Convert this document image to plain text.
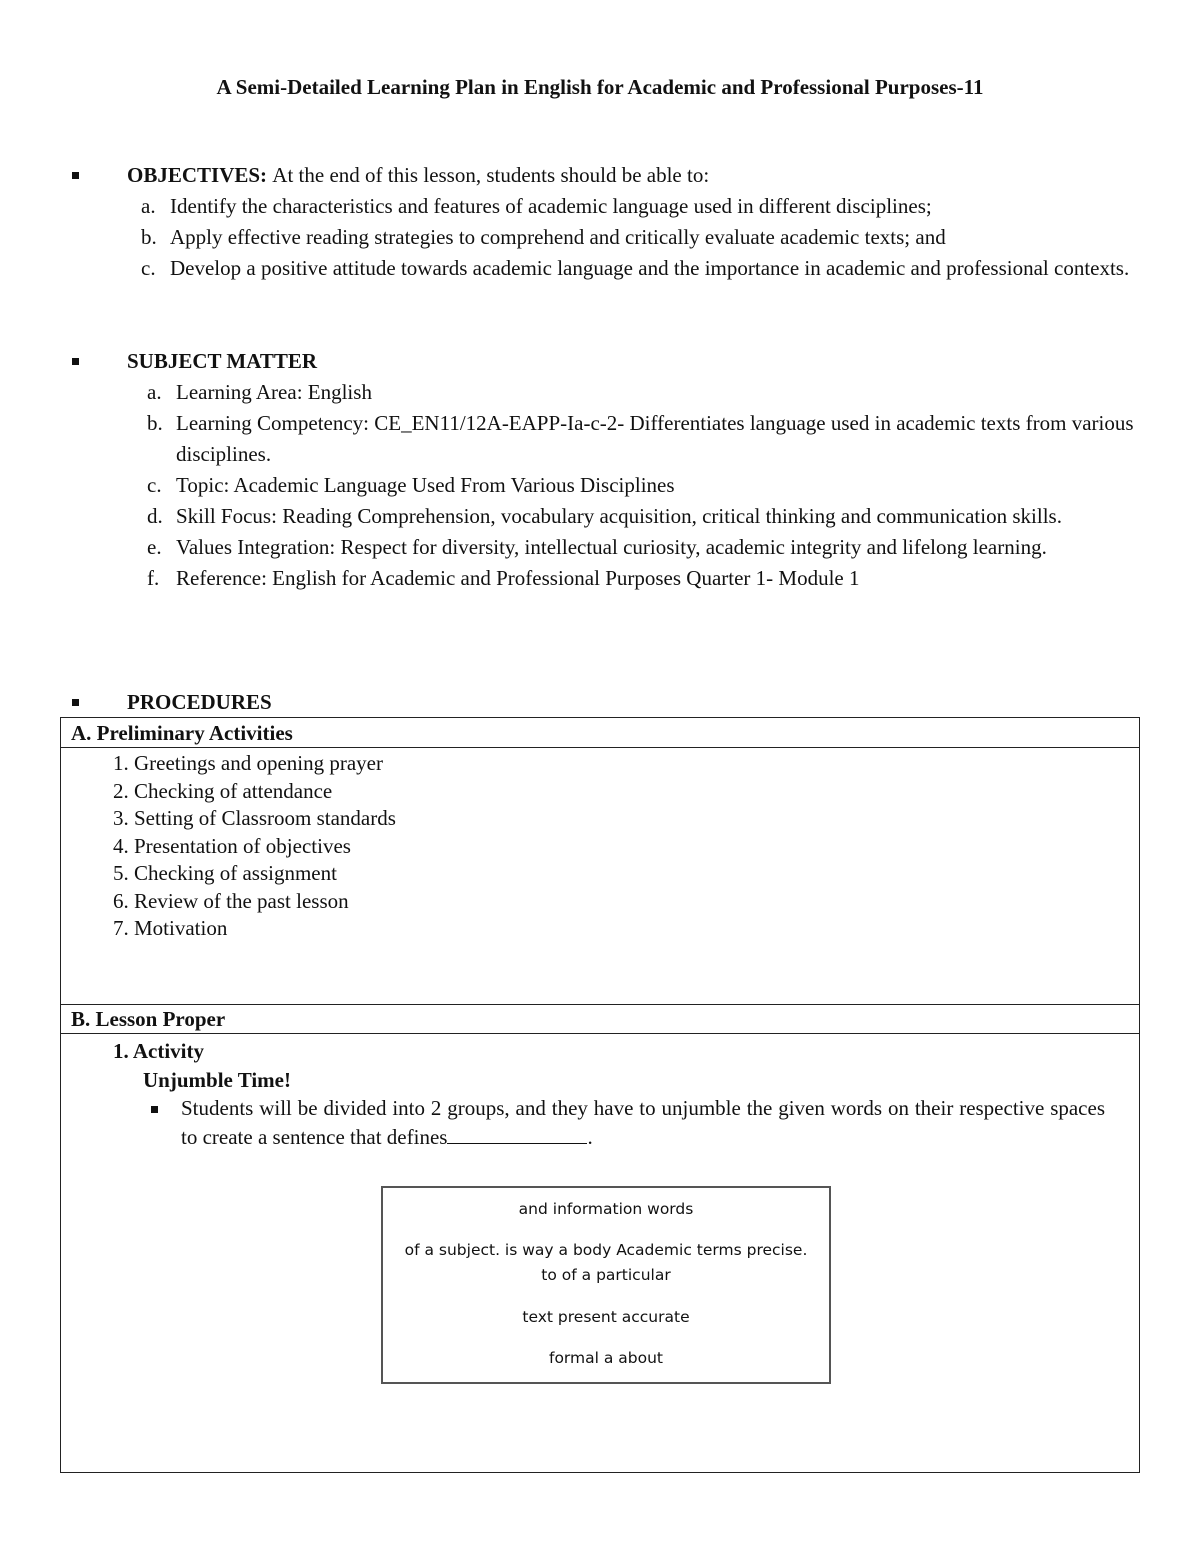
A Semi-Detailed Learning Plan in English for Academic and Professional Purposes-11
OBJECTIVES: At the end of this lesson, students should be able to:
a. Identify the characteristics and features of academic language used in different disciplines;
b. Apply effective reading strategies to comprehend and critically evaluate academic texts; and
c. Develop a positive attitude towards academic language and the importance in academic and professional contexts.
SUBJECT MATTER
a. Learning Area: English
b. Learning Competency: CE_EN11/12A-EAPP-Ia-c-2- Differentiates language used in academic texts from various disciplines.
c. Topic: Academic Language Used From Various Disciplines
d. Skill Focus: Reading Comprehension, vocabulary acquisition, critical thinking and communication skills.
e. Values Integration: Respect for diversity, intellectual curiosity, academic integrity and lifelong learning.
f. Reference: English for Academic and Professional Purposes Quarter 1- Module 1
PROCEDURES
A. Preliminary Activities
1. Greetings and opening prayer
2. Checking of attendance
3. Setting of Classroom standards
4. Presentation of objectives
5. Checking of assignment
6. Review of the past lesson
7. Motivation
B. Lesson Proper
1. Activity
Unjumble Time!
Students will be divided into 2 groups, and they have to unjumble the given words on their respective spaces to create a sentence that defines	.
and information words
of a subject. is way a body Academic terms precise.
to of a particular
text present accurate
formal a about
